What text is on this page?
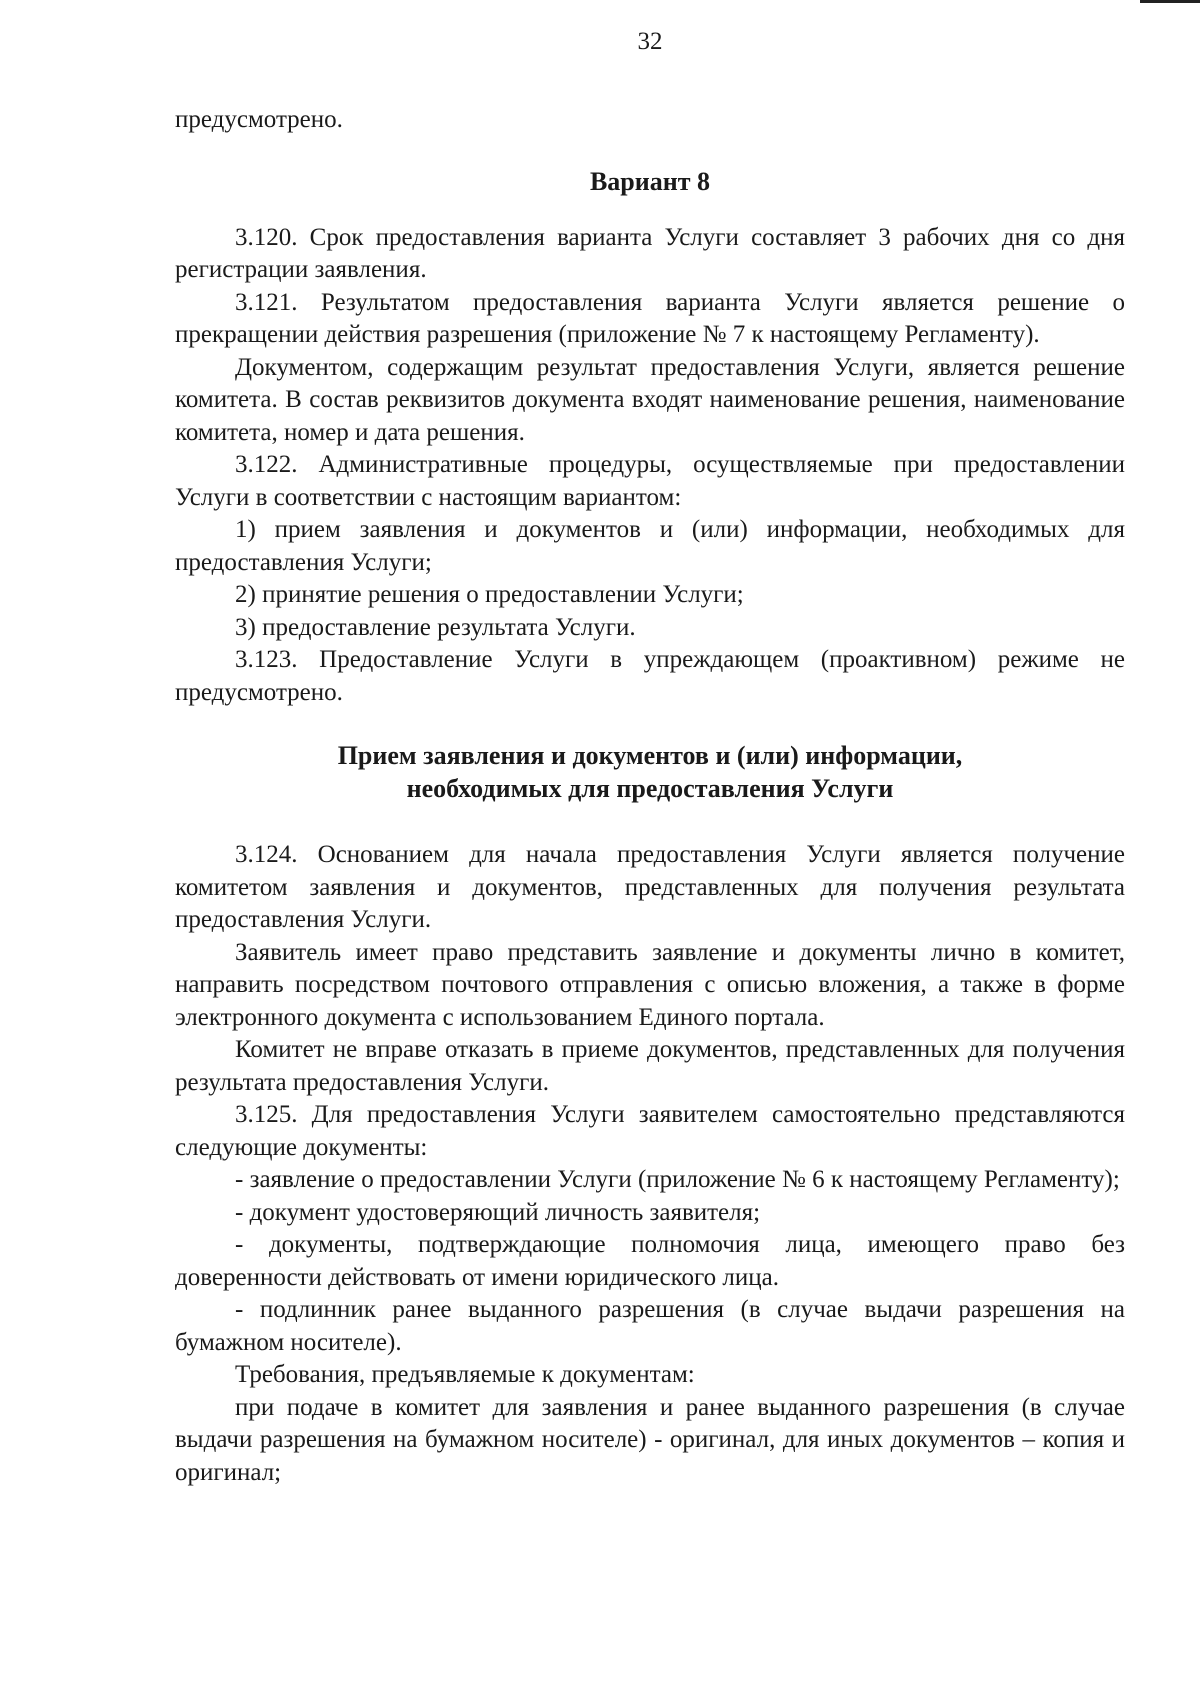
32

предусмотрено.

Вариант 8

3.120. Срок предоставления варианта Услуги составляет 3 рабочих дня со дня регистрации заявления.

3.121. Результатом предоставления варианта Услуги является решение о прекращении действия разрешения (приложение № 7 к настоящему Регламенту).

Документом, содержащим результат предоставления Услуги, является решение комитета. В состав реквизитов документа входят наименование решения, наименование комитета, номер и дата решения.

3.122. Административные процедуры, осуществляемые при предоставлении Услуги в соответствии с настоящим вариантом:

1) прием заявления и документов и (или) информации, необходимых для предоставления Услуги;

2) принятие решения о предоставлении Услуги;

3) предоставление результата Услуги.

3.123. Предоставление Услуги в упреждающем (проактивном) режиме не предусмотрено.

Прием заявления и документов и (или) информации,
необходимых для предоставления Услуги

3.124. Основанием для начала предоставления Услуги является получение комитетом заявления и документов, представленных для получения результата предоставления Услуги.

Заявитель имеет право представить заявление и документы лично в комитет, направить посредством почтового отправления с описью вложения, а также в форме электронного документа с использованием Единого портала.

Комитет не вправе отказать в приеме документов, представленных для получения результата предоставления Услуги.

3.125. Для предоставления Услуги заявителем самостоятельно представляются следующие документы:

- заявление о предоставлении Услуги (приложение № 6 к настоящему Регламенту);

- документ удостоверяющий личность заявителя;

- документы, подтверждающие полномочия лица, имеющего право без доверенности действовать от имени юридического лица.

- подлинник ранее выданного разрешения (в случае выдачи разрешения на бумажном носителе).

Требования, предъявляемые к документам:

при подаче в комитет для заявления и ранее выданного разрешения (в случае выдачи разрешения на бумажном носителе) - оригинал, для иных документов – копия и оригинал;
